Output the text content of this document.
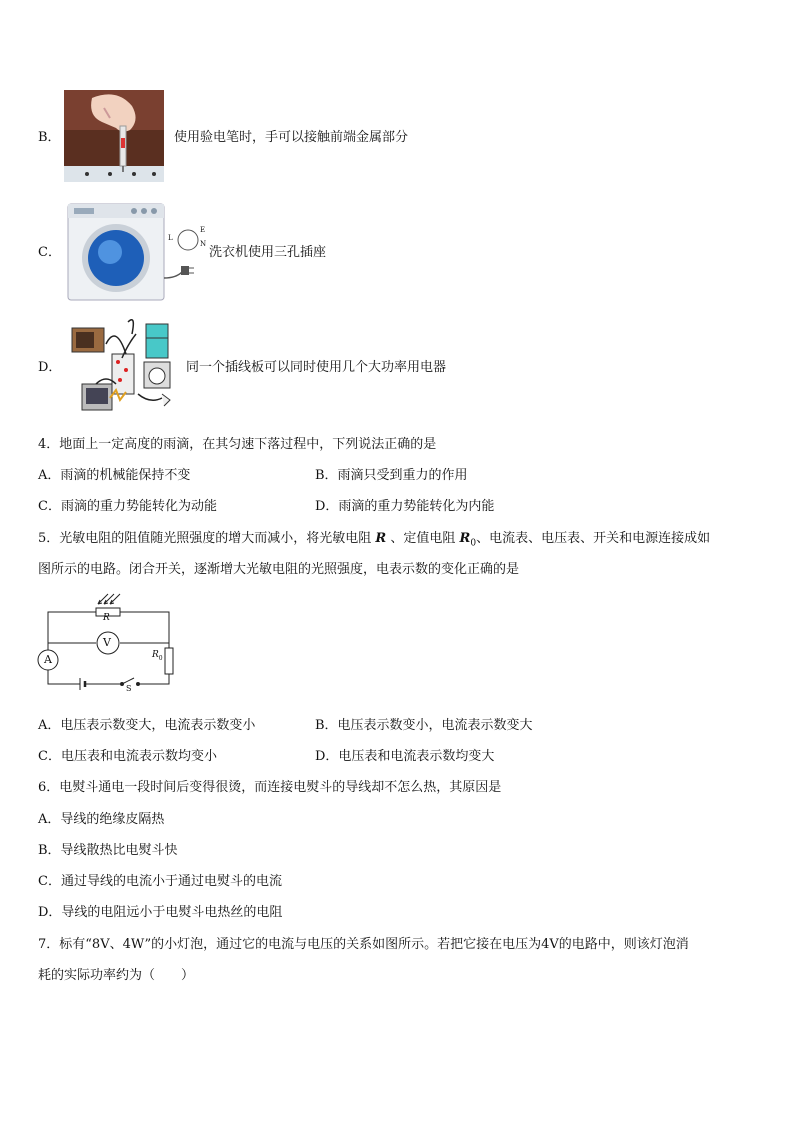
B．	使用验电笔时，手可以接触前端金属部分
C．
L
E
N
洗衣机使用三孔插座
D．	同一个插线板可以同时使用几个大功率用电器
4．地面上一定高度的雨滴，在其匀速下落过程中，下列说法正确的是
A．雨滴的机械能保持不变	B．雨滴只受到重力的作用
C．雨滴的重力势能转化为动能	D．雨滴的重力势能转化为内能
5．光敏电阻的阻值随光照强度的增大而减小，将光敏电阻 R 、定值电阻 $R_0$、电流表、电压表、开关和电源连接成如
图所示的电路。闭合开关，逐渐增大光敏电阻的光照强度，电表示数的变化正确的是
R
V
A	$R_0$
S
A．电压表示数变大，电流表示数变小	B．电压表示数变小，电流表示数变大
C．电压表和电流表示数均变小	D．电压表和电流表示数均变大
6．电熨斗通电一段时间后变得很烫，而连接电熨斗的导线却不怎么热，其原因是
A．导线的绝缘皮隔热
B．导线散热比电熨斗快
C．通过导线的电流小于通过电熨斗的电流
D．导线的电阻远小于电熨斗电热丝的电阻
7．标有“8V、4W”的小灯泡，通过它的电流与电压的关系如图所示。若把它接在电压为4V的电路中，则该灯泡消
耗的实际功率约为（　　）
